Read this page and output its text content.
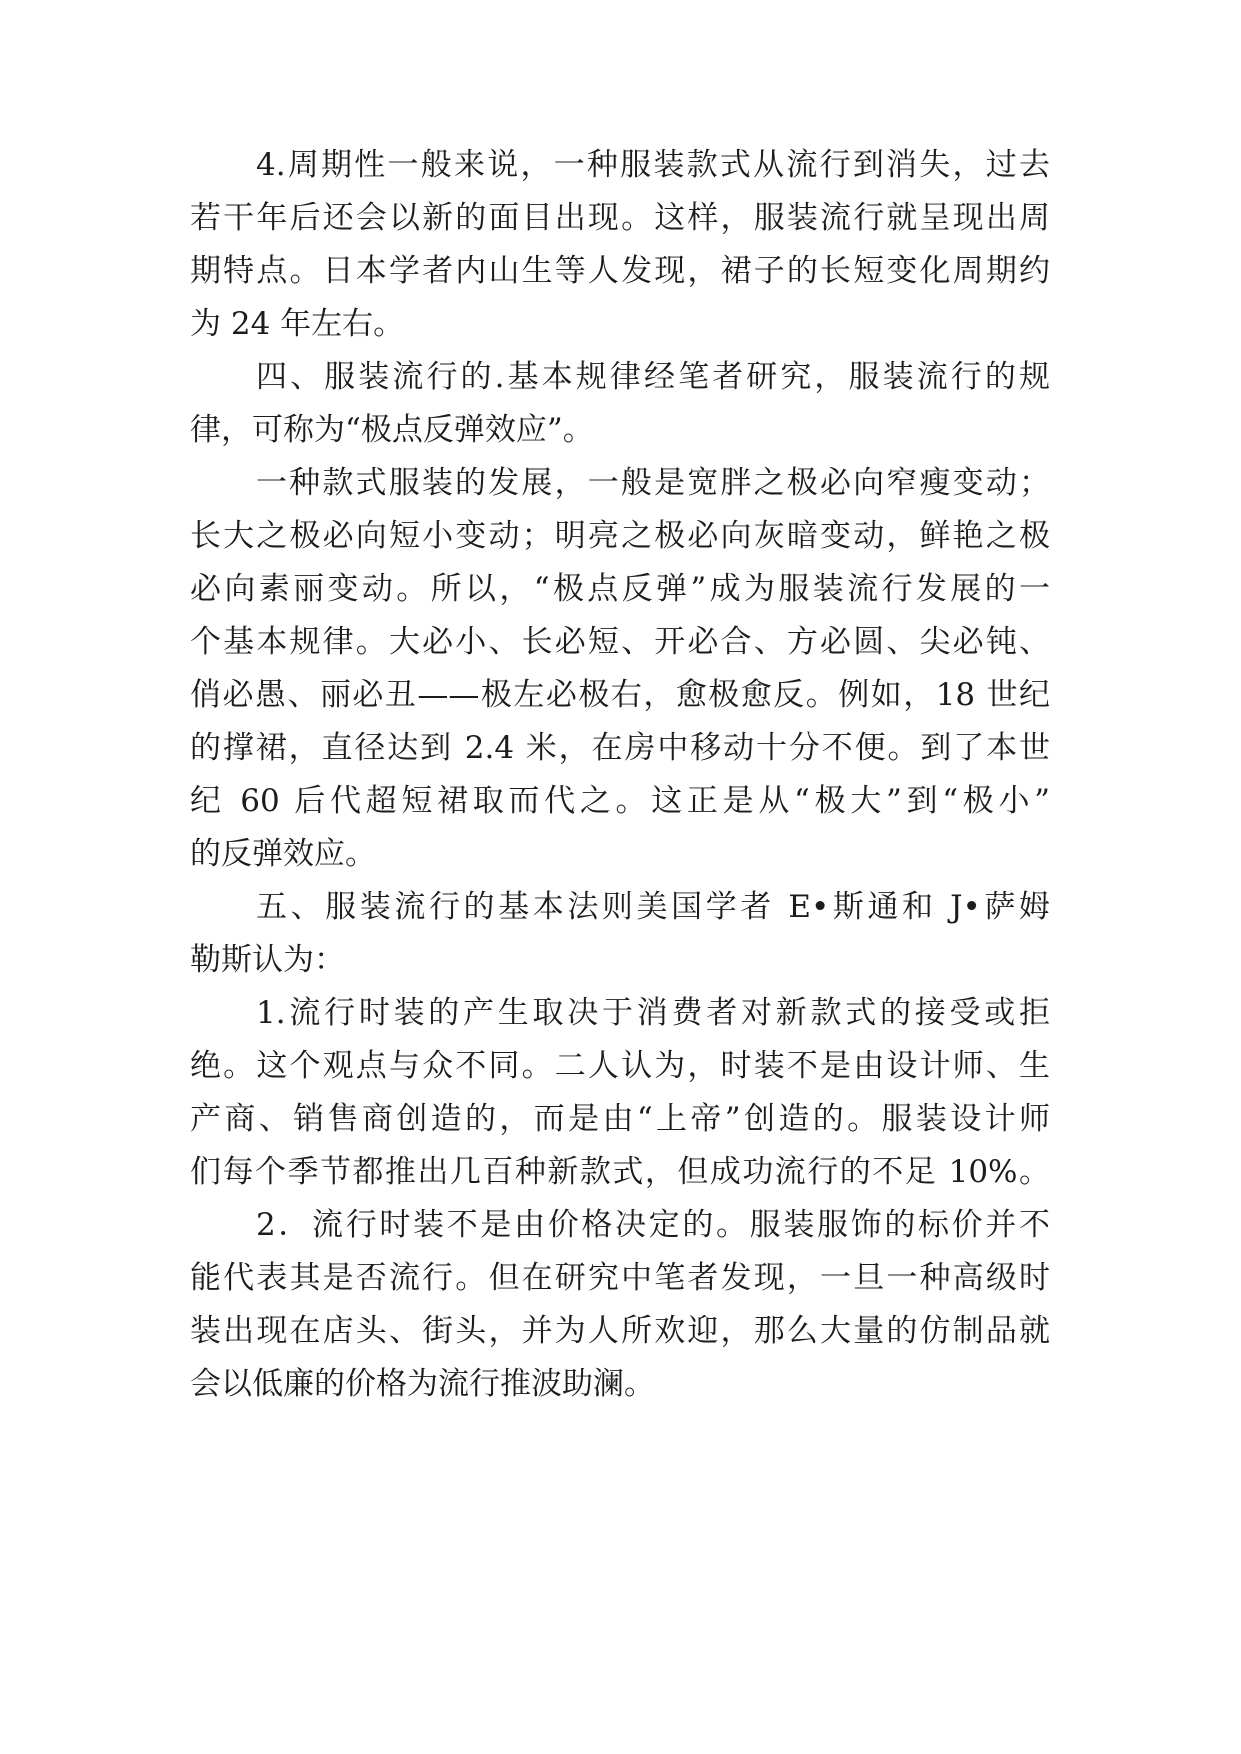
4.周期性一般来说，一种服装款式从流行到消失，过去
若干年后还会以新的面目出现。这样，服装流行就呈现出周
期特点。日本学者内山生等人发现，裙子的长短变化周期约
为 24 年左右。
四、服装流行的.基本规律经笔者研究，服装流行的规
律，可称为“极点反弹效应”。
一种款式服装的发展，一般是宽胖之极必向窄瘦变动；
长大之极必向短小变动；明亮之极必向灰暗变动，鲜艳之极
必向素丽变动。所以，“极点反弹”成为服装流行发展的一
个基本规律。大必小、长必短、开必合、方必圆、尖必钝、
俏必愚、丽必丑——极左必极右，愈极愈反。例如，18 世纪
的撑裙，直径达到 2.4 米，在房中移动十分不便。到了本世
纪 60 后代超短裙取而代之。这正是从“极大”到“极小”
的反弹效应。
五、服装流行的基本法则美国学者 E•斯通和 J•萨姆
勒斯认为：
1.流行时装的产生取决于消费者对新款式的接受或拒
绝。这个观点与众不同。二人认为，时装不是由设计师、生
产商、销售商创造的，而是由“上帝”创造的。服装设计师
们每个季节都推出几百种新款式，但成功流行的不足 10%。
2．流行时装不是由价格决定的。服装服饰的标价并不
能代表其是否流行。但在研究中笔者发现，一旦一种高级时
装出现在店头、街头，并为人所欢迎，那么大量的仿制品就
会以低廉的价格为流行推波助澜。
